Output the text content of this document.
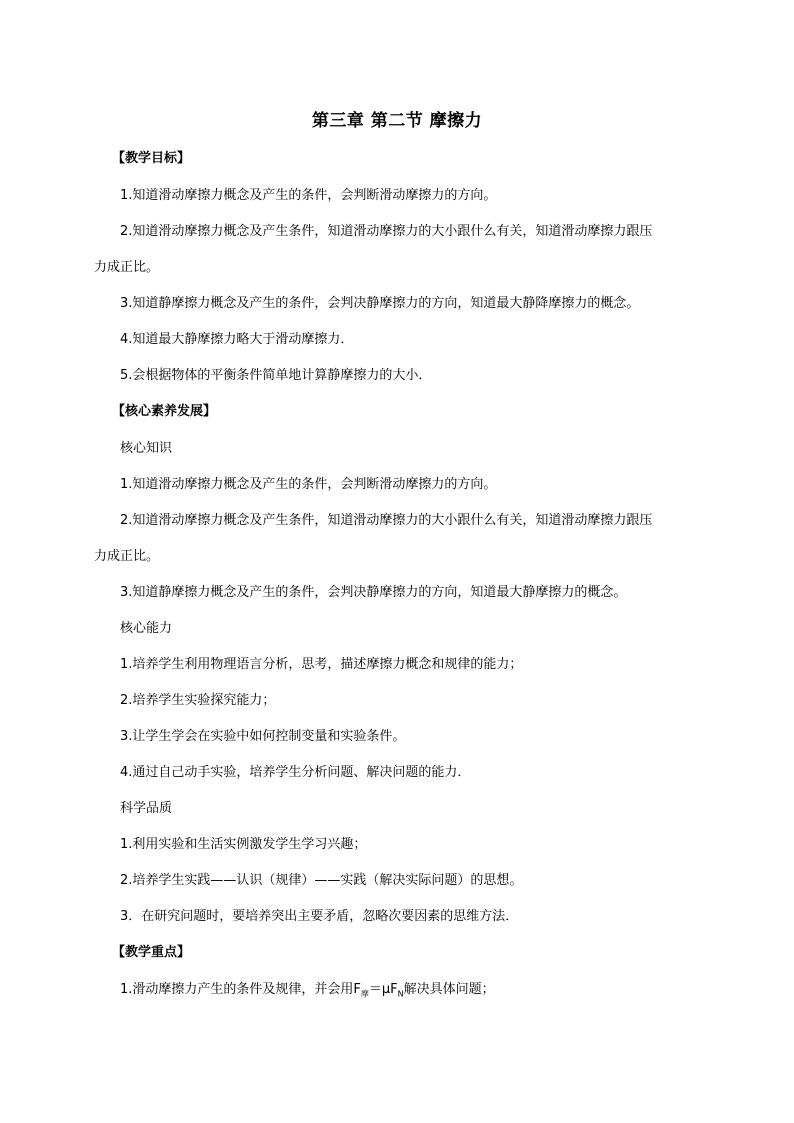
第三章 第二节 摩擦力
【教学目标】
1.知道滑动摩擦力概念及产生的条件，会判断滑动摩擦力的方向。
2.知道滑动摩擦力概念及产生条件，知道滑动摩擦力的大小跟什么有关，知道滑动摩擦力跟压
力成正比。
3.知道静摩擦力概念及产生的条件，会判决静摩擦力的方向，知道最大静降摩擦力的概念。
4.知道最大静摩擦力略大于滑动摩擦力．
5.会根据物体的平衡条件简单地计算静摩擦力的大小．
【核心素养发展】
核心知识
1.知道滑动摩擦力概念及产生的条件，会判断滑动摩擦力的方向。
2.知道滑动摩擦力概念及产生条件，知道滑动摩擦力的大小跟什么有关，知道滑动摩擦力跟压
力成正比。
3.知道静摩擦力概念及产生的条件，会判决静摩擦力的方向，知道最大静摩擦力的概念。
核心能力
1.培养学生利用物理语言分析，思考，描述摩擦力概念和规律的能力；
2.培养学生实验探究能力；
3.让学生学会在实验中如何控制变量和实验条件。
4.通过自己动手实验，培养学生分析问题、解决问题的能力．
科学品质
1.利用实验和生活实例激发学生学习兴趣；
2.培养学生实践——认识（规律）——实践（解决实际问题）的思想。
3．在研究问题时，要培养突出主要矛盾，忽略次要因素的思维方法．
【教学重点】
1.滑动摩擦力产生的条件及规律，并会用$F_摩=\mu F_N$解决具体问题；
